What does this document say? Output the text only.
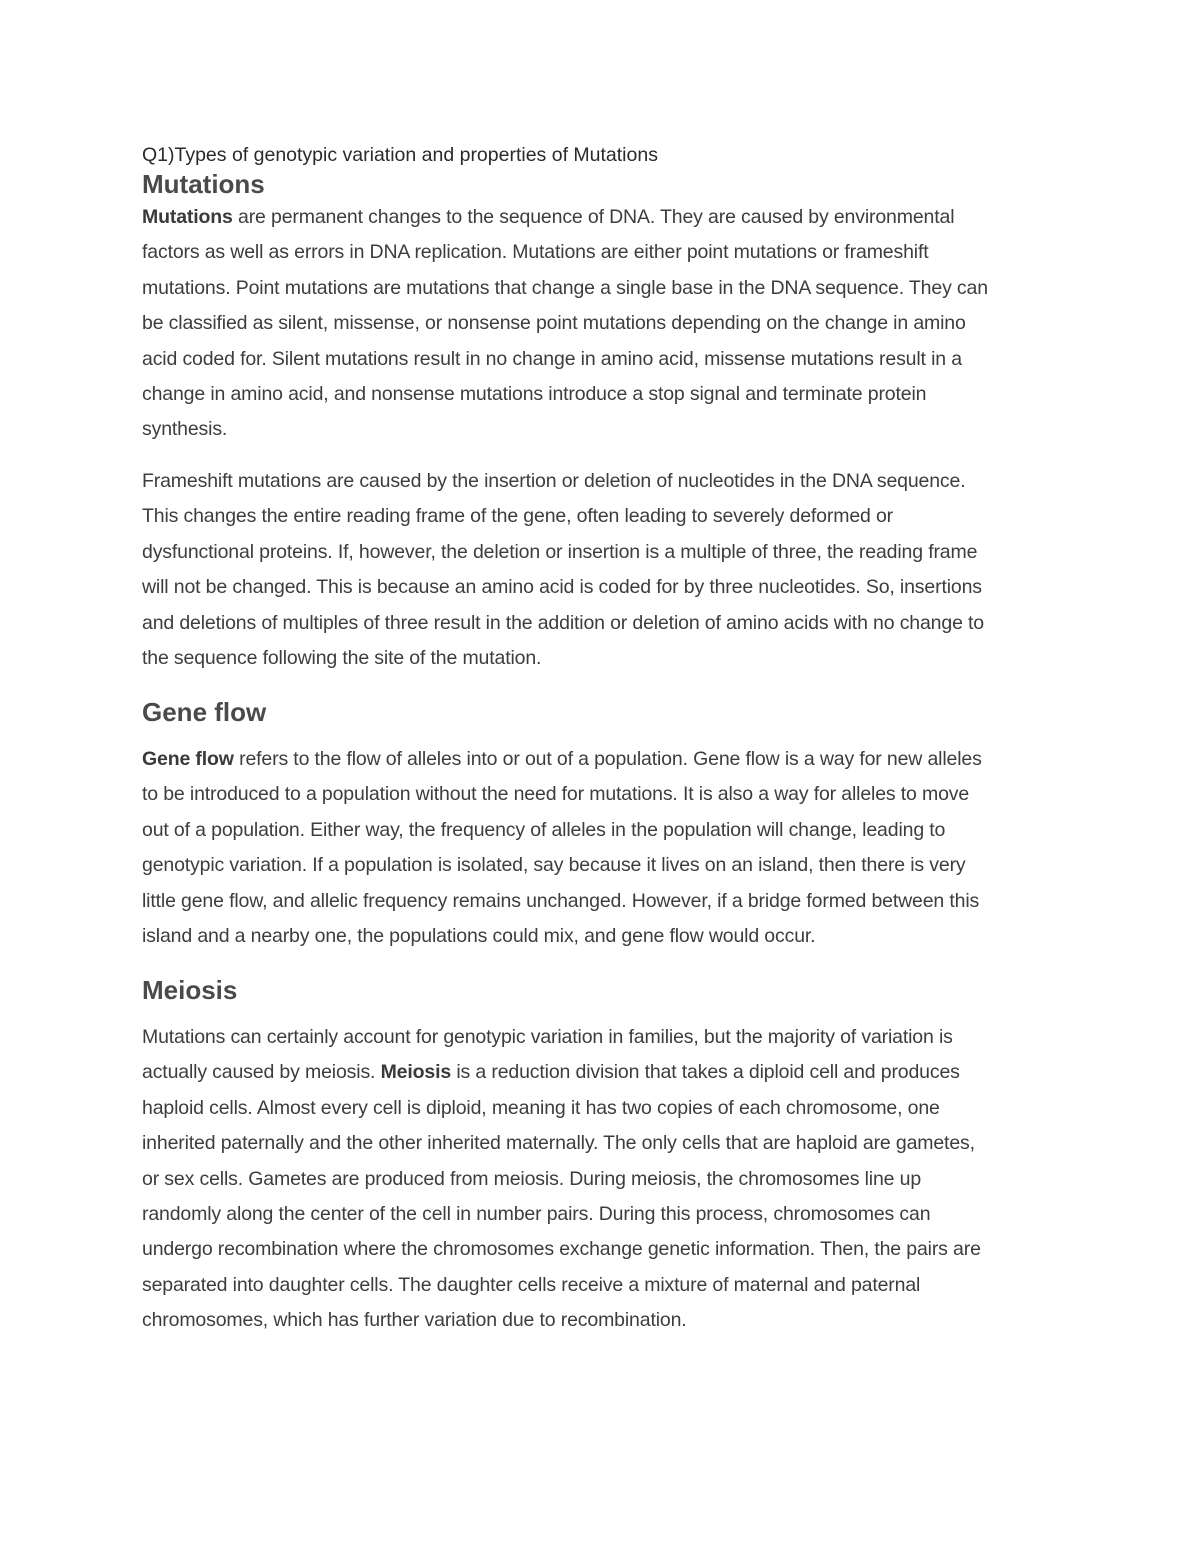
Q1)Types of genotypic variation and properties of Mutations
Mutations

Mutations are permanent changes to the sequence of DNA. They are caused by environmental
factors as well as errors in DNA replication. Mutations are either point mutations or frameshift
mutations. Point mutations are mutations that change a single base in the DNA sequence. They can
be classified as silent, missense, or nonsense point mutations depending on the change in amino
acid coded for. Silent mutations result in no change in amino acid, missense mutations result in a
change in amino acid, and nonsense mutations introduce a stop signal and terminate protein
synthesis.

Frameshift mutations are caused by the insertion or deletion of nucleotides in the DNA sequence.
This changes the entire reading frame of the gene, often leading to severely deformed or
dysfunctional proteins. If, however, the deletion or insertion is a multiple of three, the reading frame
will not be changed. This is because an amino acid is coded for by three nucleotides. So, insertions
and deletions of multiples of three result in the addition or deletion of amino acids with no change to
the sequence following the site of the mutation.

Gene flow

Gene flow refers to the flow of alleles into or out of a population. Gene flow is a way for new alleles
to be introduced to a population without the need for mutations. It is also a way for alleles to move
out of a population. Either way, the frequency of alleles in the population will change, leading to
genotypic variation. If a population is isolated, say because it lives on an island, then there is very
little gene flow, and allelic frequency remains unchanged. However, if a bridge formed between this
island and a nearby one, the populations could mix, and gene flow would occur.

Meiosis

Mutations can certainly account for genotypic variation in families, but the majority of variation is
actually caused by meiosis. Meiosis is a reduction division that takes a diploid cell and produces
haploid cells. Almost every cell is diploid, meaning it has two copies of each chromosome, one
inherited paternally and the other inherited maternally. The only cells that are haploid are gametes,
or sex cells. Gametes are produced from meiosis. During meiosis, the chromosomes line up
randomly along the center of the cell in number pairs. During this process, chromosomes can
undergo recombination where the chromosomes exchange genetic information. Then, the pairs are
separated into daughter cells. The daughter cells receive a mixture of maternal and paternal
chromosomes, which has further variation due to recombination.
